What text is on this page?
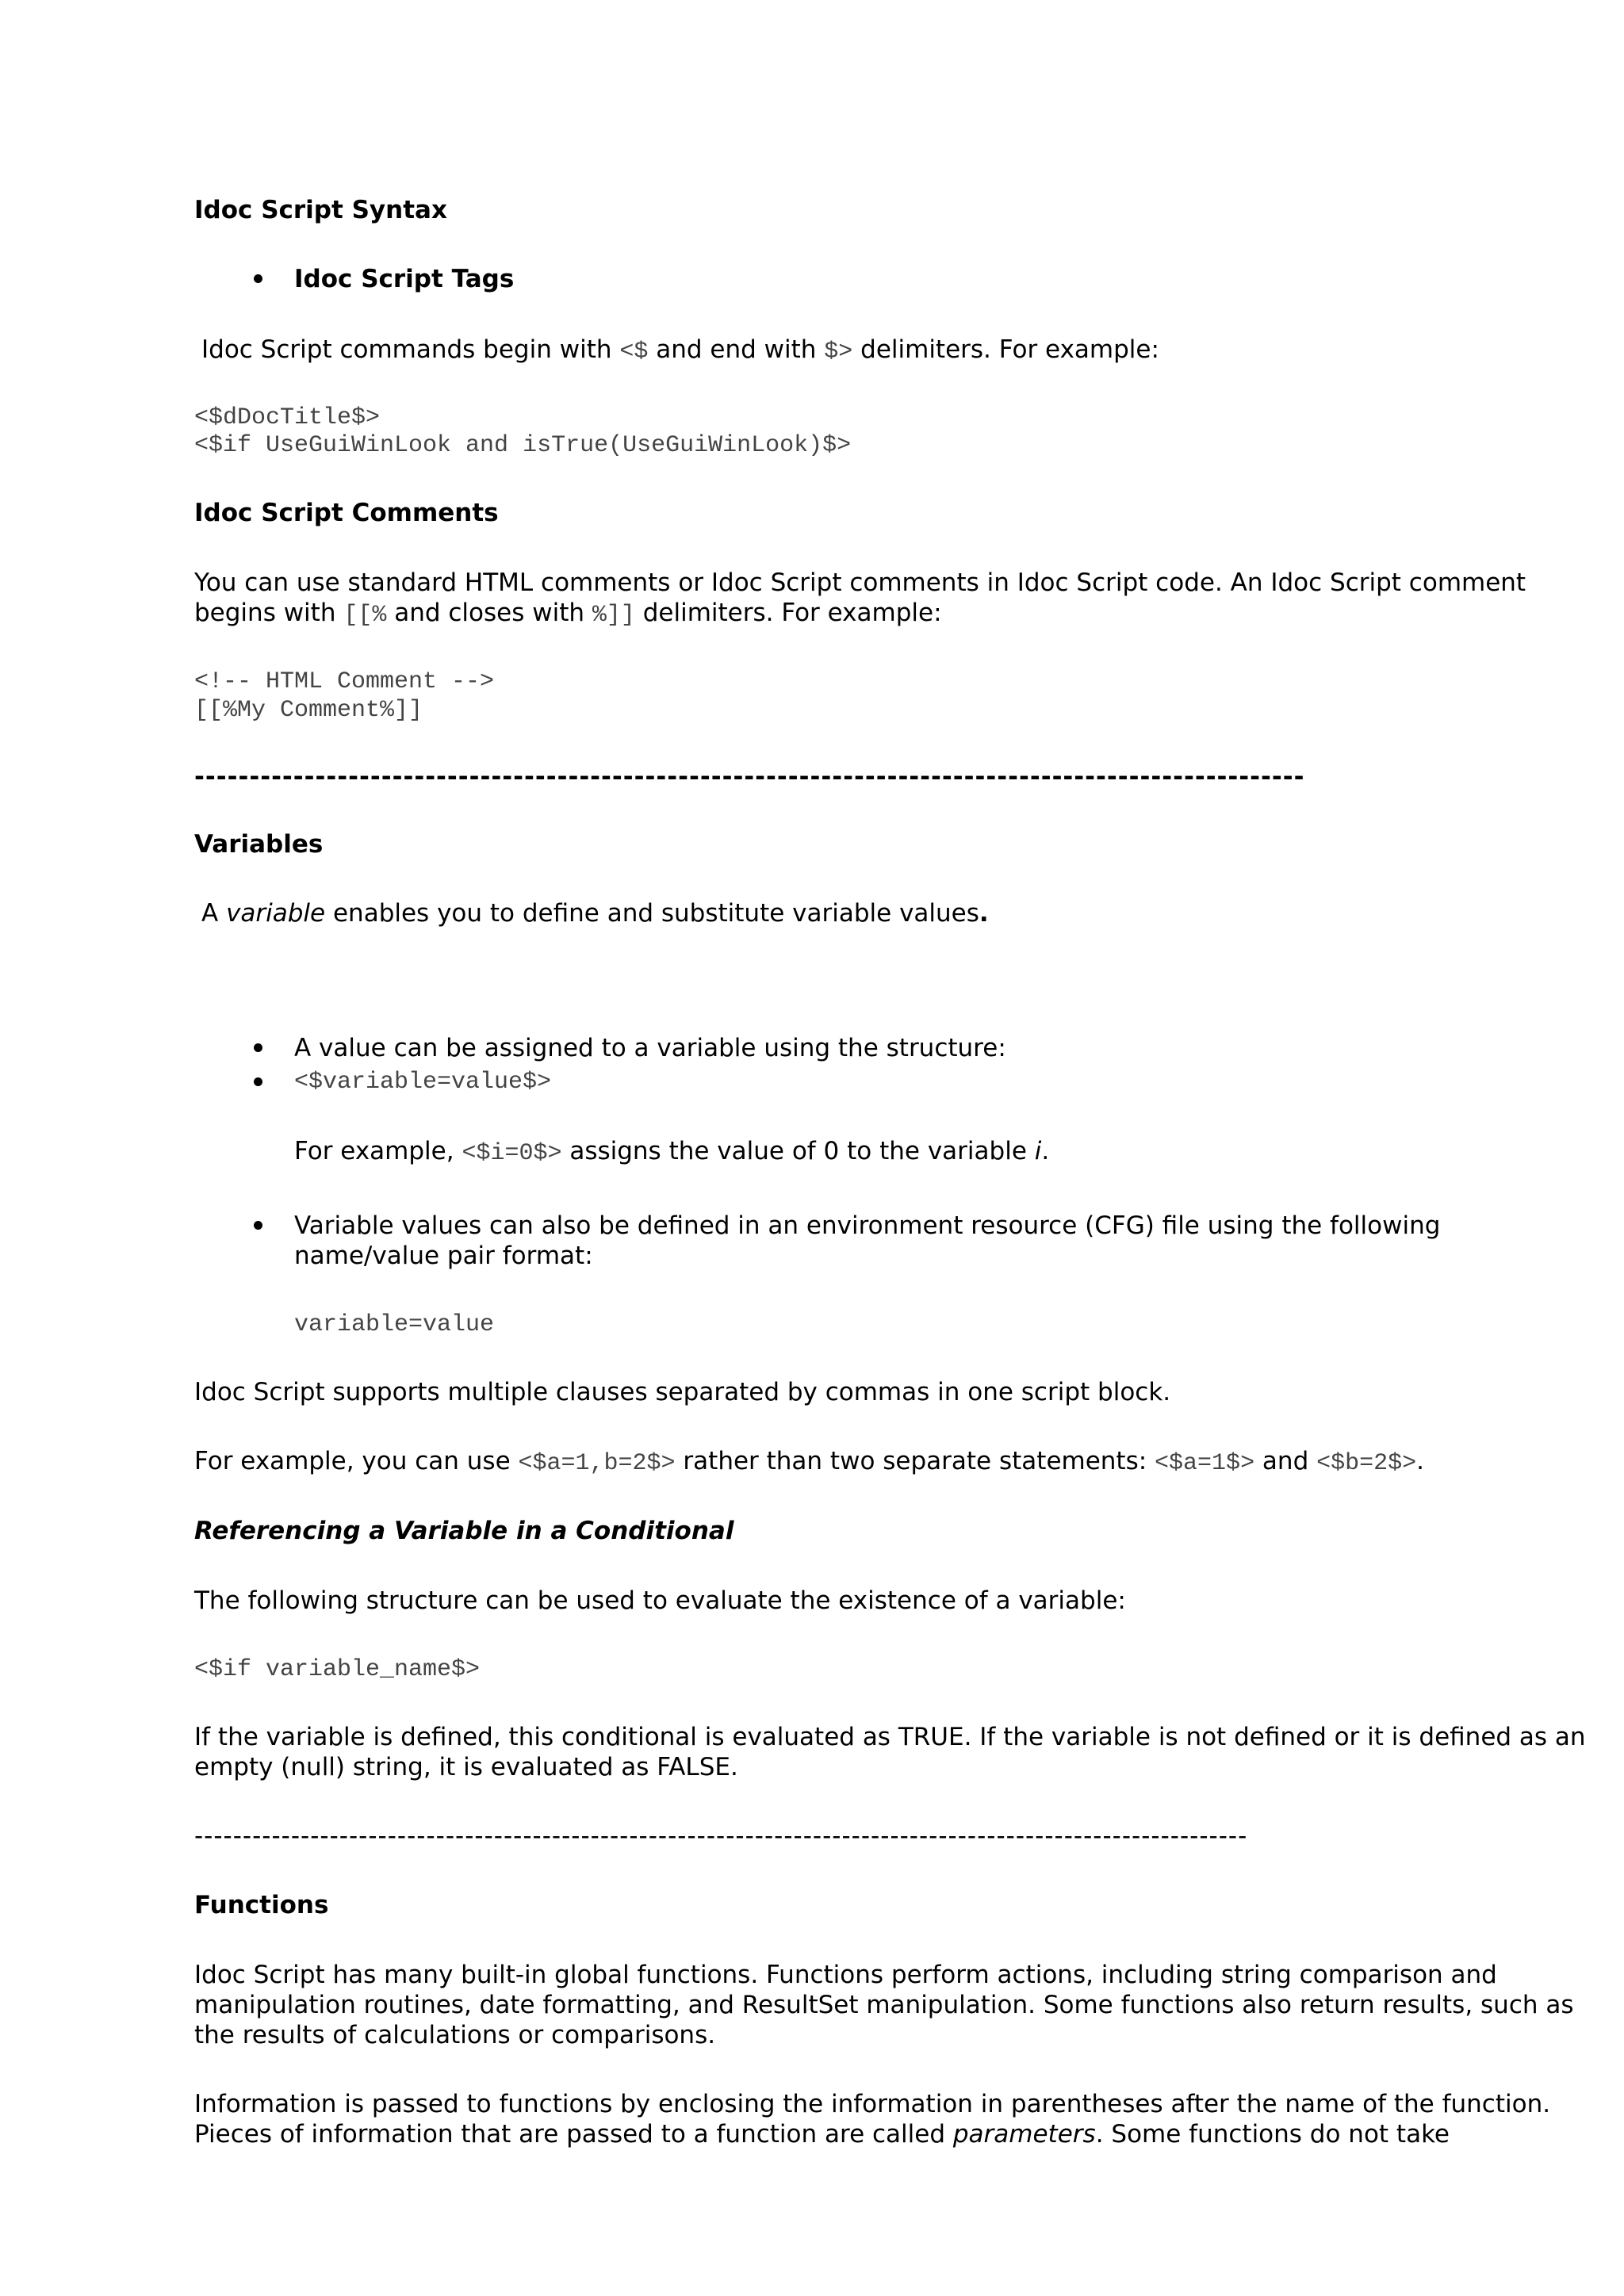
Idoc Script Syntax
Idoc Script Tags
Idoc Script commands begin with <$ and end with $> delimiters. For example:
<$dDocTitle$>
<$if UseGuiWinLook and isTrue(UseGuiWinLook)$>
Idoc Script Comments
You can use standard HTML comments or Idoc Script comments in Idoc Script code. An Idoc Script comment
begins with [[% and closes with %]] delimiters. For example:
<!-- HTML Comment -->
[[%My Comment%]]
-----------------------------------------------------------------------------------------------------
Variables
A variable enables you to define and substitute variable values.
A value can be assigned to a variable using the structure:
<$variable=value$>
For example, <$i=0$> assigns the value of 0 to the variable i.
Variable values can also be defined in an environment resource (CFG) file using the following
name/value pair format:
variable=value
Idoc Script supports multiple clauses separated by commas in one script block.
For example, you can use <$a=1,b=2$> rather than two separate statements: <$a=1$> and <$b=2$>.
Referencing a Variable in a Conditional
The following structure can be used to evaluate the existence of a variable:
<$if variable_name$>
If the variable is defined, this conditional is evaluated as TRUE. If the variable is not defined or it is defined as an
empty (null) string, it is evaluated as FALSE.
-------------------------------------------------------------------------------------------------------------
Functions
Idoc Script has many built-in global functions. Functions perform actions, including string comparison and
manipulation routines, date formatting, and ResultSet manipulation. Some functions also return results, such as
the results of calculations or comparisons.
Information is passed to functions by enclosing the information in parentheses after the name of the function.
Pieces of information that are passed to a function are called parameters. Some functions do not take
